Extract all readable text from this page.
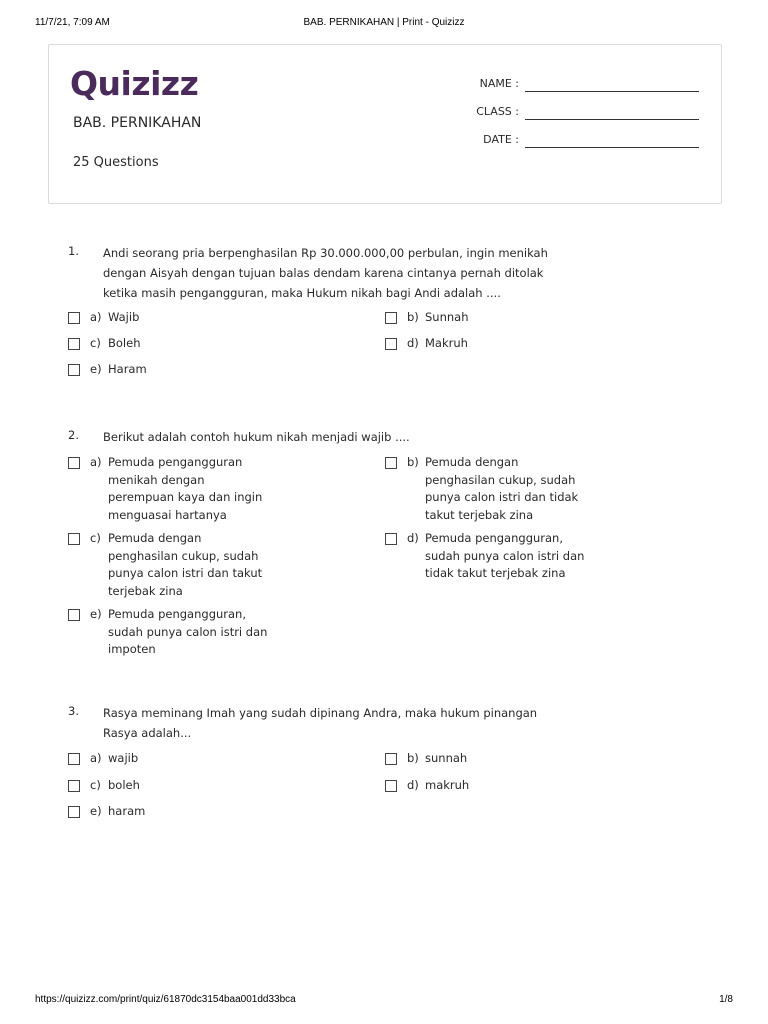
11/7/21, 7:09 AM	BAB. PERNIKAHAN | Print - Quizizz
Quizizz
BAB. PERNIKAHAN
25 Questions
NAME :
CLASS :
DATE :
1. Andi seorang pria berpenghasilan Rp 30.000.000,00 perbulan, ingin menikah dengan Aisyah dengan tujuan balas dendam karena cintanya pernah ditolak ketika masih pengangguran, maka Hukum nikah bagi Andi adalah ....
a) Wajib	b) Sunnah
c) Boleh	d) Makruh
e) Haram
2. Berikut adalah contoh hukum nikah menjadi wajib ....
a) Pemuda pengangguran menikah dengan perempuan kaya dan ingin menguasai hartanya
b) Pemuda dengan penghasilan cukup, sudah punya calon istri dan tidak takut terjebak zina
c) Pemuda dengan penghasilan cukup, sudah punya calon istri dan takut terjebak zina
d) Pemuda pengangguran, sudah punya calon istri dan tidak takut terjebak zina
e) Pemuda pengangguran, sudah punya calon istri dan impoten
3. Rasya meminang Imah yang sudah dipinang Andra, maka hukum pinangan Rasya adalah...
a) wajib	b) sunnah
c) boleh	d) makruh
e) haram
https://quizizz.com/print/quiz/61870dc3154baa001dd33bca	1/8
